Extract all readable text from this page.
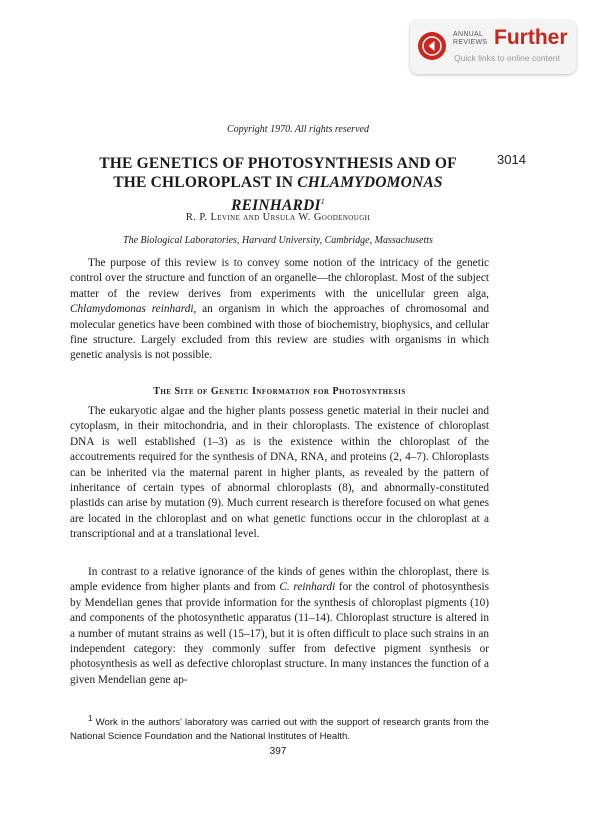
ANNUAL REVIEWS Further
Quick links to online content
Copyright 1970. All rights reserved
3014
THE GENETICS OF PHOTOSYNTHESIS AND OF
THE CHLOROPLAST IN CHLAMYDOMONAS
REINHARDI$^1$
R. P. Levine and Ursula W. Goodenough
The Biological Laboratories, Harvard University, Cambridge, Massachusetts

The purpose of this review is to convey some notion of the intricacy of the genetic control over the structure and function of an organelle—the chloroplast. Most of the subject matter of the review derives from experiments with the unicellular green alga, Chlamydomonas reinhardi, an organism in which the approaches of chromosomal and molecular genetics have been combined with those of biochemistry, biophysics, and cellular fine structure. Largely excluded from this review are studies with organisms in which genetic analysis is not possible.

The Site of Genetic Information for Photosynthesis

The eukaryotic algae and the higher plants possess genetic material in their nuclei and cytoplasm, in their mitochondria, and in their chloroplasts. The existence of chloroplast DNA is well established (1–3) as is the existence within the chloroplast of the accoutrements required for the synthesis of DNA, RNA, and proteins (2, 4–7). Chloroplasts can be inherited via the maternal parent in higher plants, as revealed by the pattern of inheritance of certain types of abnormal chloroplasts (8), and abnormally-constituted plastids can arise by mutation (9). Much current research is therefore focused on what genes are located in the chloroplast and on what genetic functions occur in the chloroplast at a transcriptional and at a translational level.

In contrast to a relative ignorance of the kinds of genes within the chloroplast, there is ample evidence from higher plants and from C. reinhardi for the control of photosynthesis by Mendelian genes that provide information for the synthesis of chloroplast pigments (10) and components of the photosynthetic apparatus (11–14). Chloroplast structure is altered in a number of mutant strains as well (15–17), but it is often difficult to place such strains in an independent category: they commonly suffer from defective pigment synthesis or photosynthesis as well as defective chloroplast structure. In many instances the function of a given Mendelian gene ap-

$^1$ Work in the authors' laboratory was carried out with the support of research grants from the National Science Foundation and the National Institutes of Health.

397
